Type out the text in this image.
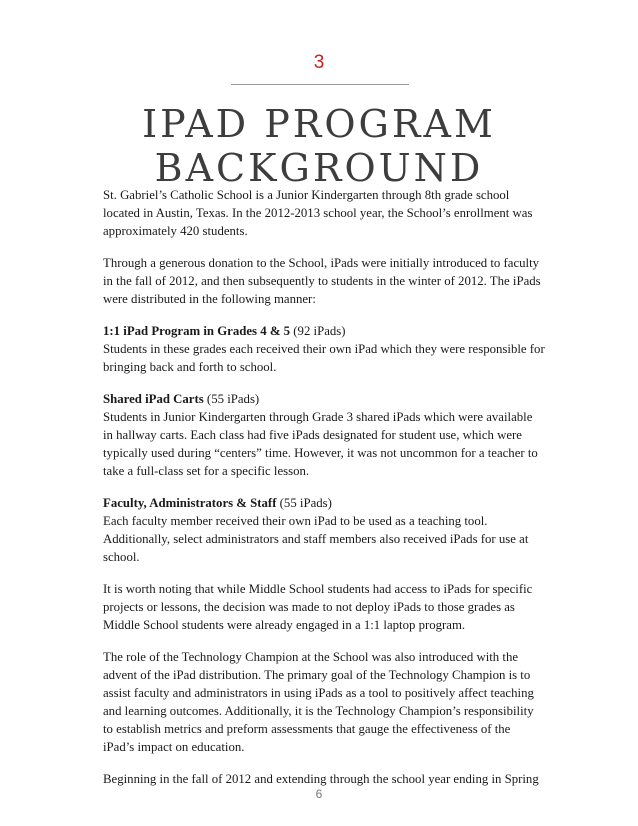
3
IPAD PROGRAM
BACKGROUND

St. Gabriel’s Catholic School is a Junior Kindergarten through 8th grade school
located in Austin, Texas. In the 2012-2013 school year, the School’s enrollment was
approximately 420 students.

Through a generous donation to the School, iPads were initially introduced to faculty
in the fall of 2012, and then subsequently to students in the winter of 2012. The iPads
were distributed in the following manner:

1:1 iPad Program in Grades 4 & 5 (92 iPads)
Students in these grades each received their own iPad which they were responsible for
bringing back and forth to school.

Shared iPad Carts (55 iPads)
Students in Junior Kindergarten through Grade 3 shared iPads which were available
in hallway carts. Each class had five iPads designated for student use, which were
typically used during “centers” time. However, it was not uncommon for a teacher to
take a full-class set for a specific lesson.

Faculty, Administrators & Staff (55 iPads)
Each faculty member received their own iPad to be used as a teaching tool.
Additionally, select administrators and staff members also received iPads for use at
school.

It is worth noting that while Middle School students had access to iPads for specific
projects or lessons, the decision was made to not deploy iPads to those grades as
Middle School students were already engaged in a 1:1 laptop program.

The role of the Technology Champion at the School was also introduced with the
advent of the iPad distribution. The primary goal of the Technology Champion is to
assist faculty and administrators in using iPads as a tool to positively affect teaching
and learning outcomes. Additionally, it is the Technology Champion’s responsibility
to establish metrics and preform assessments that gauge the effectiveness of the
iPad’s impact on education.

Beginning in the fall of 2012 and extending through the school year ending in Spring

6
